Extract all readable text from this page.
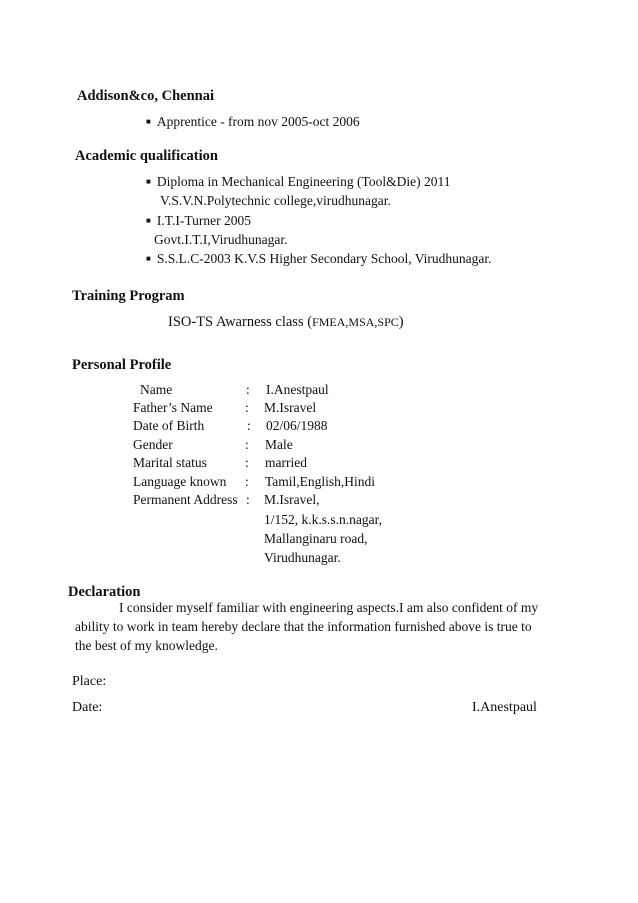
Addison&co, Chennai
■ Apprentice - from nov 2005-oct 2006
Academic qualification
■ Diploma in Mechanical Engineering (Tool&Die) 2011
V.S.V.N.Polytechnic college,virudhunagar.
■ I.T.I-Turner 2005
Govt.I.T.I,Virudhunagar.
■ S.S.L.C-2003 K.V.S Higher Secondary School, Virudhunagar.
Training Program
ISO-TS Awarness class (FMEA,MSA,SPC)
Personal Profile
Name	: I.Anestpaul
Father’s Name : M.Isravel
Date of Birth	: 02/06/1988
Gender	: Male
Marital status	: married
Language known : Tamil,English,Hindi
Permanent Address : M.Isravel,
1/152, k.k.s.s.n.nagar,
Mallanginaru road,
Virudhunagar.
Declaration
I consider myself familiar with engineering aspects.I am also confident of my
ability to work in team hereby declare that the information furnished above is true to
the best of my knowledge.
Place:
Date:	I.Anestpaul
